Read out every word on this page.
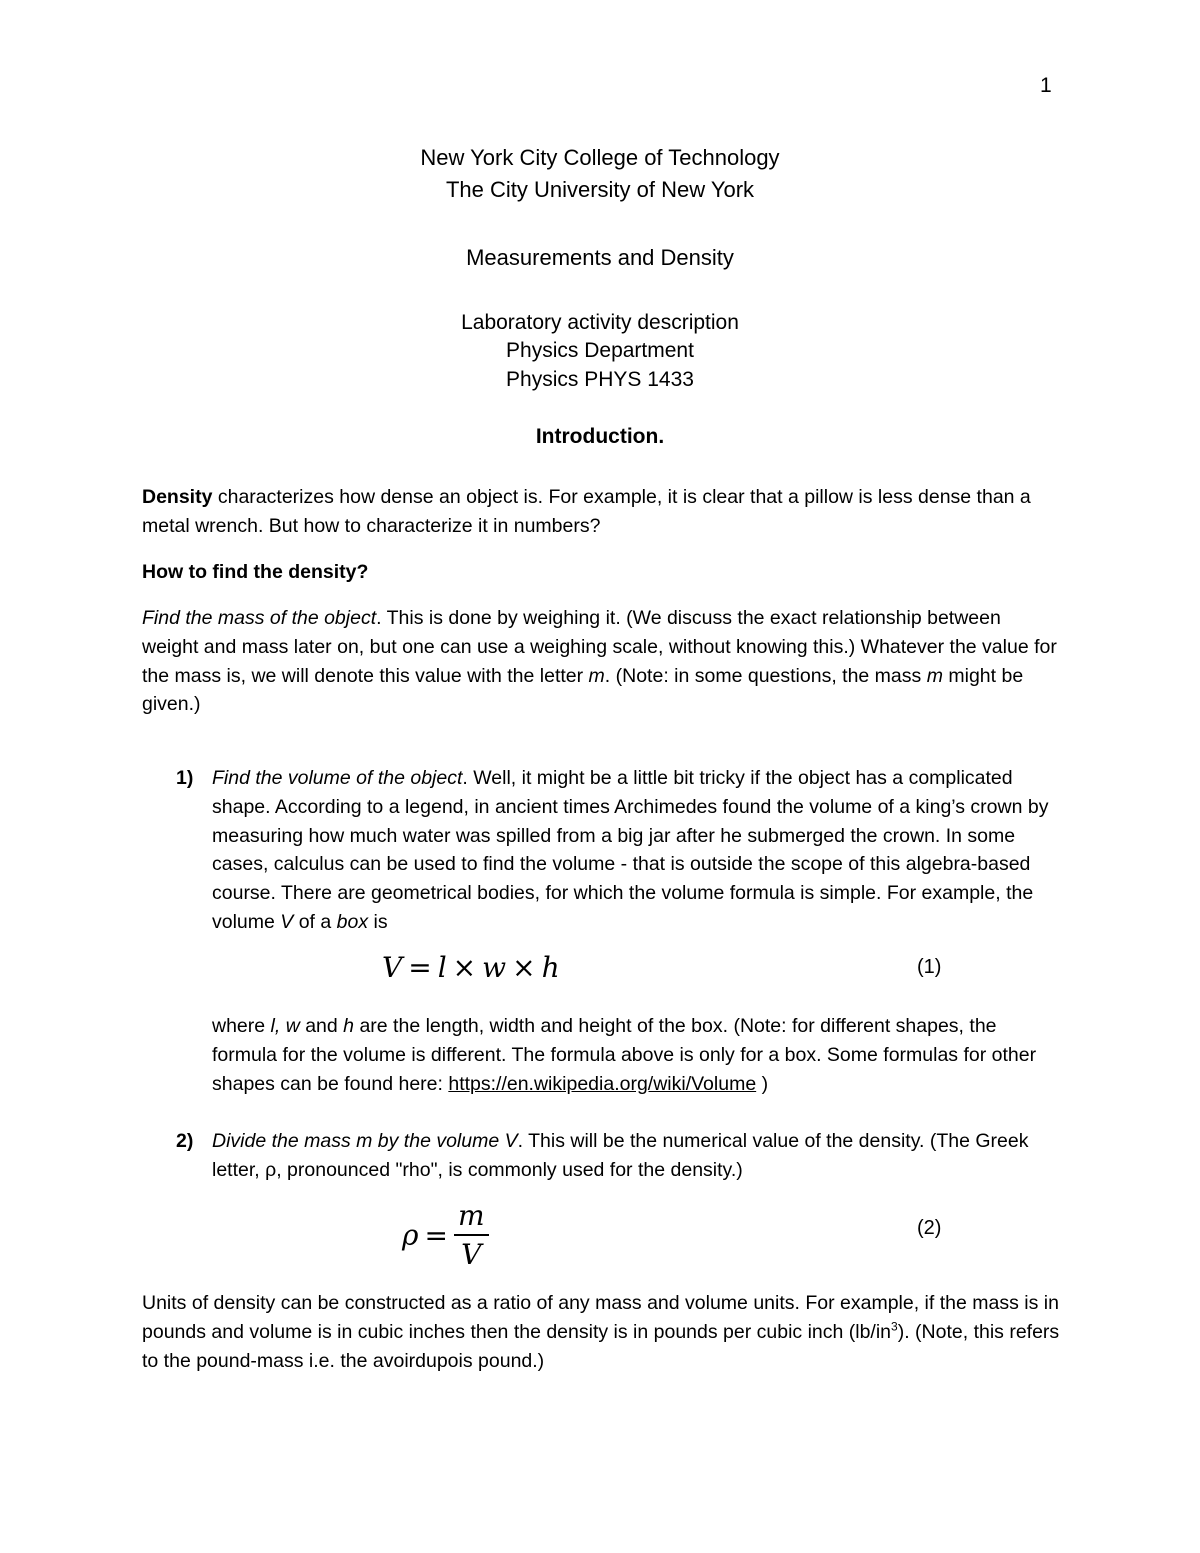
1
New York City College of Technology
The City University of New York
Measurements and Density
Laboratory activity description
Physics Department
Physics PHYS 1433
Introduction.

Density characterizes how dense an object is. For example, it is clear that a pillow is less dense than a metal wrench. But how to characterize it in numbers?

How to find the density?

Find the mass of the object. This is done by weighing it. (We discuss the exact relationship between weight and mass later on, but one can use a weighing scale, without knowing this.) Whatever the value for the mass is, we will denote this value with the letter m. (Note: in some questions, the mass m might be given.)

1) Find the volume of the object. Well, it might be a little bit tricky if the object has a complicated shape. According to a legend, in ancient times Archimedes found the volume of a king’s crown by measuring how much water was spilled from a big jar after he submerged the crown. In some cases, calculus can be used to find the volume - that is outside the scope of this algebra-based course. There are geometrical bodies, for which the volume formula is simple. For example, the volume V of a box is
V = l × w × h	(1)
where l, w and h are the length, width and height of the box. (Note: for different shapes, the formula for the volume is different. The formula above is only for a box. Some formulas for other shapes can be found here: https://en.wikipedia.org/wiki/Volume )
2) Divide the mass m by the volume V. This will be the numerical value of the density. (The Greek letter, ρ, pronounced "rho", is commonly used for the density.)
$\rho = \frac{m}{V}$	(2)

Units of density can be constructed as a ratio of any mass and volume units. For example, if the mass is in pounds and volume is in cubic inches then the density is in pounds per cubic inch $(lb/in^3)$. (Note, this refers to the pound-mass i.e. the avoirdupois pound.)
